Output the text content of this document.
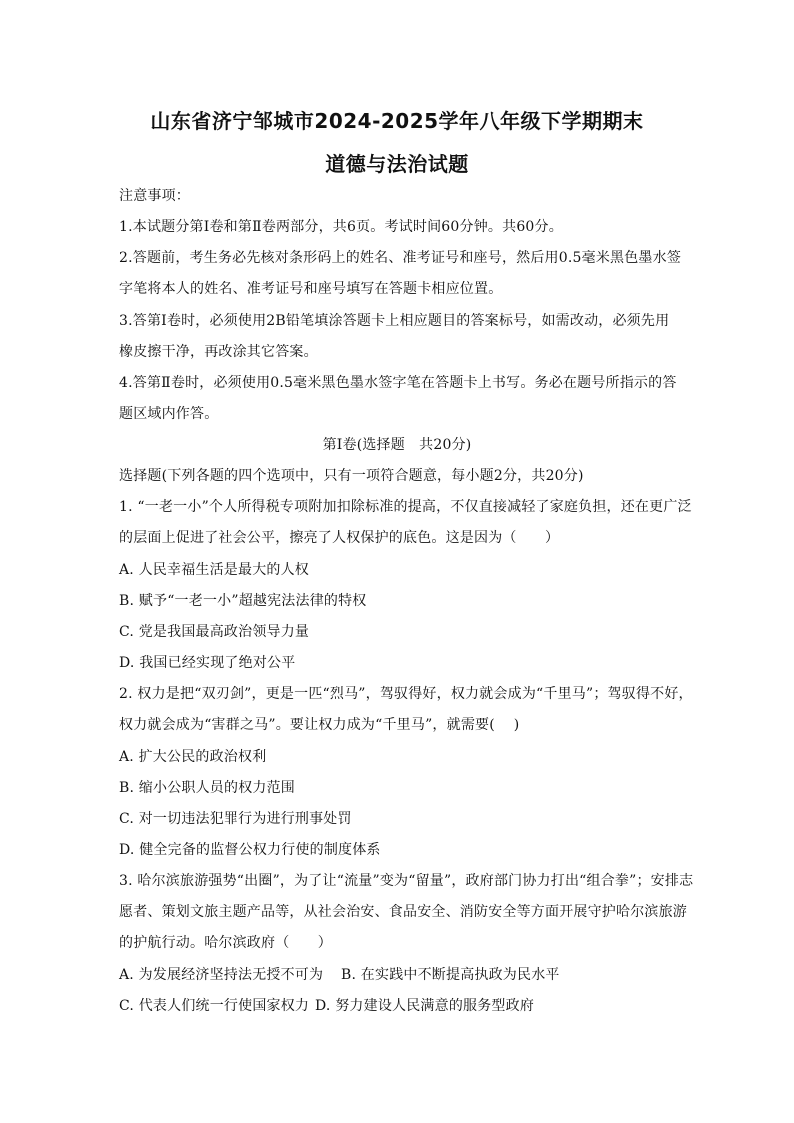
山东省济宁邹城市2024-2025学年八年级下学期期末
道德与法治试题
注意事项：
1.本试题分第Ⅰ卷和第Ⅱ卷两部分，共6页。考试时间60分钟。共60分。
2.答题前，考生务必先核对条形码上的姓名、准考证号和座号，然后用0.5毫米黑色墨水签
字笔将本人的姓名、准考证号和座号填写在答题卡相应位置。
3.答第Ⅰ卷时，必须使用2B铅笔填涂答题卡上相应题目的答案标号，如需改动，必须先用
橡皮擦干净，再改涂其它答案。
4.答第Ⅱ卷时，必须使用0.5毫米黑色墨水签字笔在答题卡上书写。务必在题号所指示的答
题区域内作答。
第Ⅰ卷(选择题　共20分)
选择题(下列各题的四个选项中，只有一项符合题意，每小题2分，共20分)
1. “一老一小”个人所得税专项附加扣除标准的提高，不仅直接减轻了家庭负担，还在更广泛
的层面上促进了社会公平，擦亮了人权保护的底色。这是因为（　　）
A. 人民幸福生活是最大的人权
B. 赋予“一老一小”超越宪法法律的特权
C. 党是我国最高政治领导力量
D. 我国已经实现了绝对公平
2. 权力是把“双刃剑”，更是一匹“烈马”，驾驭得好，权力就会成为“千里马”；驾驭得不好，
权力就会成为“害群之马”。要让权力成为“千里马”，就需要(　 )
A. 扩大公民的政治权利
B. 缩小公职人员的权力范围
C. 对一切违法犯罪行为进行刑事处罚
D. 健全完备的监督公权力行使的制度体系
3. 哈尔滨旅游强势“出圈”，为了让“流量”变为“留量”，政府部门协力打出“组合拳”；安排志
愿者、策划文旅主题产品等，从社会治安、食品安全、消防安全等方面开展守护哈尔滨旅游
的护航行动。哈尔滨政府（　　）
A. 为发展经济坚持法无授不可为 B. 在实践中不断提高执政为民水平
C. 代表人们统一行使国家权力 D. 努力建设人民满意的服务型政府
